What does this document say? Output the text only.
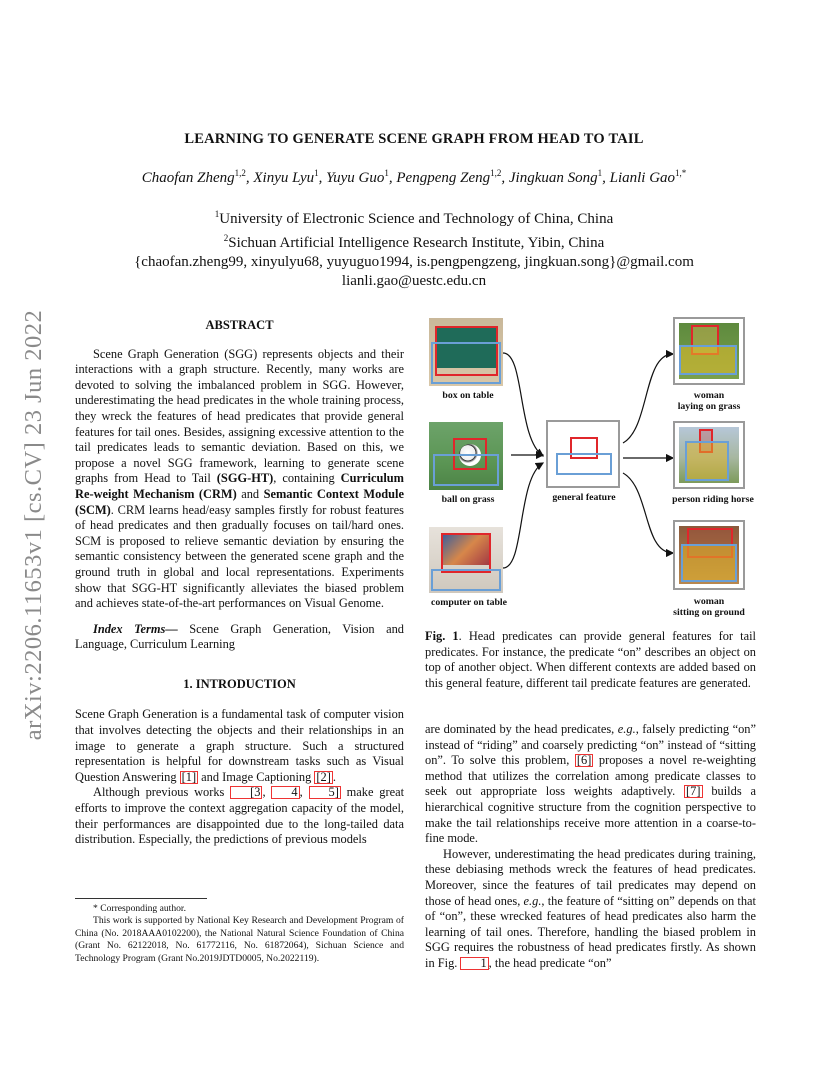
LEARNING TO GENERATE SCENE GRAPH FROM HEAD TO TAIL
Chaofan Zheng$^{1,2}$, Xinyu Lyu$^1$, Yuyu Guo$^1$, Pengpeng Zeng$^{1,2}$, Jingkuan Song$^1$, Lianli Gao$^{1,*}$
$^1$University of Electronic Science and Technology of China, China
$^2$Sichuan Artificial Intelligence Research Institute, Yibin, China
{chaofan.zheng99, xinyulyu68, yuyuguo1994, is.pengpengzeng, jingkuan.song}@gmail.com
lianli.gao@uestc.edu.cn
arXiv:2206.11653v1 [cs.CV] 23 Jun 2022	ABSTRACT

Scene Graph Generation (SGG) represents objects and their interactions with a graph structure. Recently, many works are devoted to solving the imbalanced problem in SGG. However, underestimating the head predicates in the whole training process, they wreck the features of head predicates that provide general features for tail ones. Besides, assigning excessive attention to the tail predicates leads to semantic deviation. Based on this, we propose a novel SGG framework, learning to generate scene graphs from Head to Tail (SGG-HT), containing Curriculum Re-weight Mechanism (CRM) and Semantic Context Module (SCM). CRM learns head/easy samples firstly for robust features of head predicates and then gradually focuses on tail/hard ones. SCM is proposed to relieve semantic deviation by ensuring the semantic consistency between the generated scene graph and the ground truth in global and local representations. Experiments show that SGG-HT significantly alleviates the biased problem and achieves state-of-the-art performances on Visual Genome.

Index Terms— Scene Graph Generation, Vision and Language, Curriculum Learning

1. INTRODUCTION

Scene Graph Generation is a fundamental task of computer vision that involves detecting the objects and their relationships in an image to generate a graph structure. Such a structured representation is helpful for downstream tasks such as Visual Question Answering [1] and Image Captioning [2] .

Although previous works [3 , 4 , 5] make great efforts to improve the context aggregation capacity of the model, their performances are disappointed due to the long-tailed data distribution. Especially, the predictions of previous models

* Corresponding author.
This work is supported by National Key Research and Development Program of China (No. 2018AAA0102200), the National Natural Science Foundation of China (Grant No. 62122018, No. 61772116, No. 61872064), Sichuan Science and Technology Program (Grant No.2019JDTD0005, No.2022119).
box on table
ball on grass
computer on table
general feature
woman
laying on grass
person riding horse
woman
sitting on ground

Fig. 1. Head predicates can provide general features for tail predicates. For instance, the predicate “on” describes an object on top of another object. When different contexts are added based on this general feature, different tail predicate features are generated.

are dominated by the head predicates, e.g., falsely predicting “on” instead of “riding” and coarsely predicting “on” instead of “sitting on”. To solve this problem, [6] proposes a novel re-weighting method that utilizes the correlation among predicate classes to seek out appropriate loss weights adaptively. [7] builds a hierarchical cognitive structure from the cognition perspective to make the tail relationships receive more attention in a coarse-to-fine mode.

However, underestimating the head predicates during training, these debiasing methods wreck the features of head predicates. Moreover, since the features of tail predicates may depend on those of head ones, e.g., the feature of “sitting on” depends on that of “on”, these wrecked features of head predicates also harm the learning of tail ones. Therefore, handling the biased problem in SGG requires the robustness of head predicates firstly. As shown in Fig. 1 , the head predicate “on”
